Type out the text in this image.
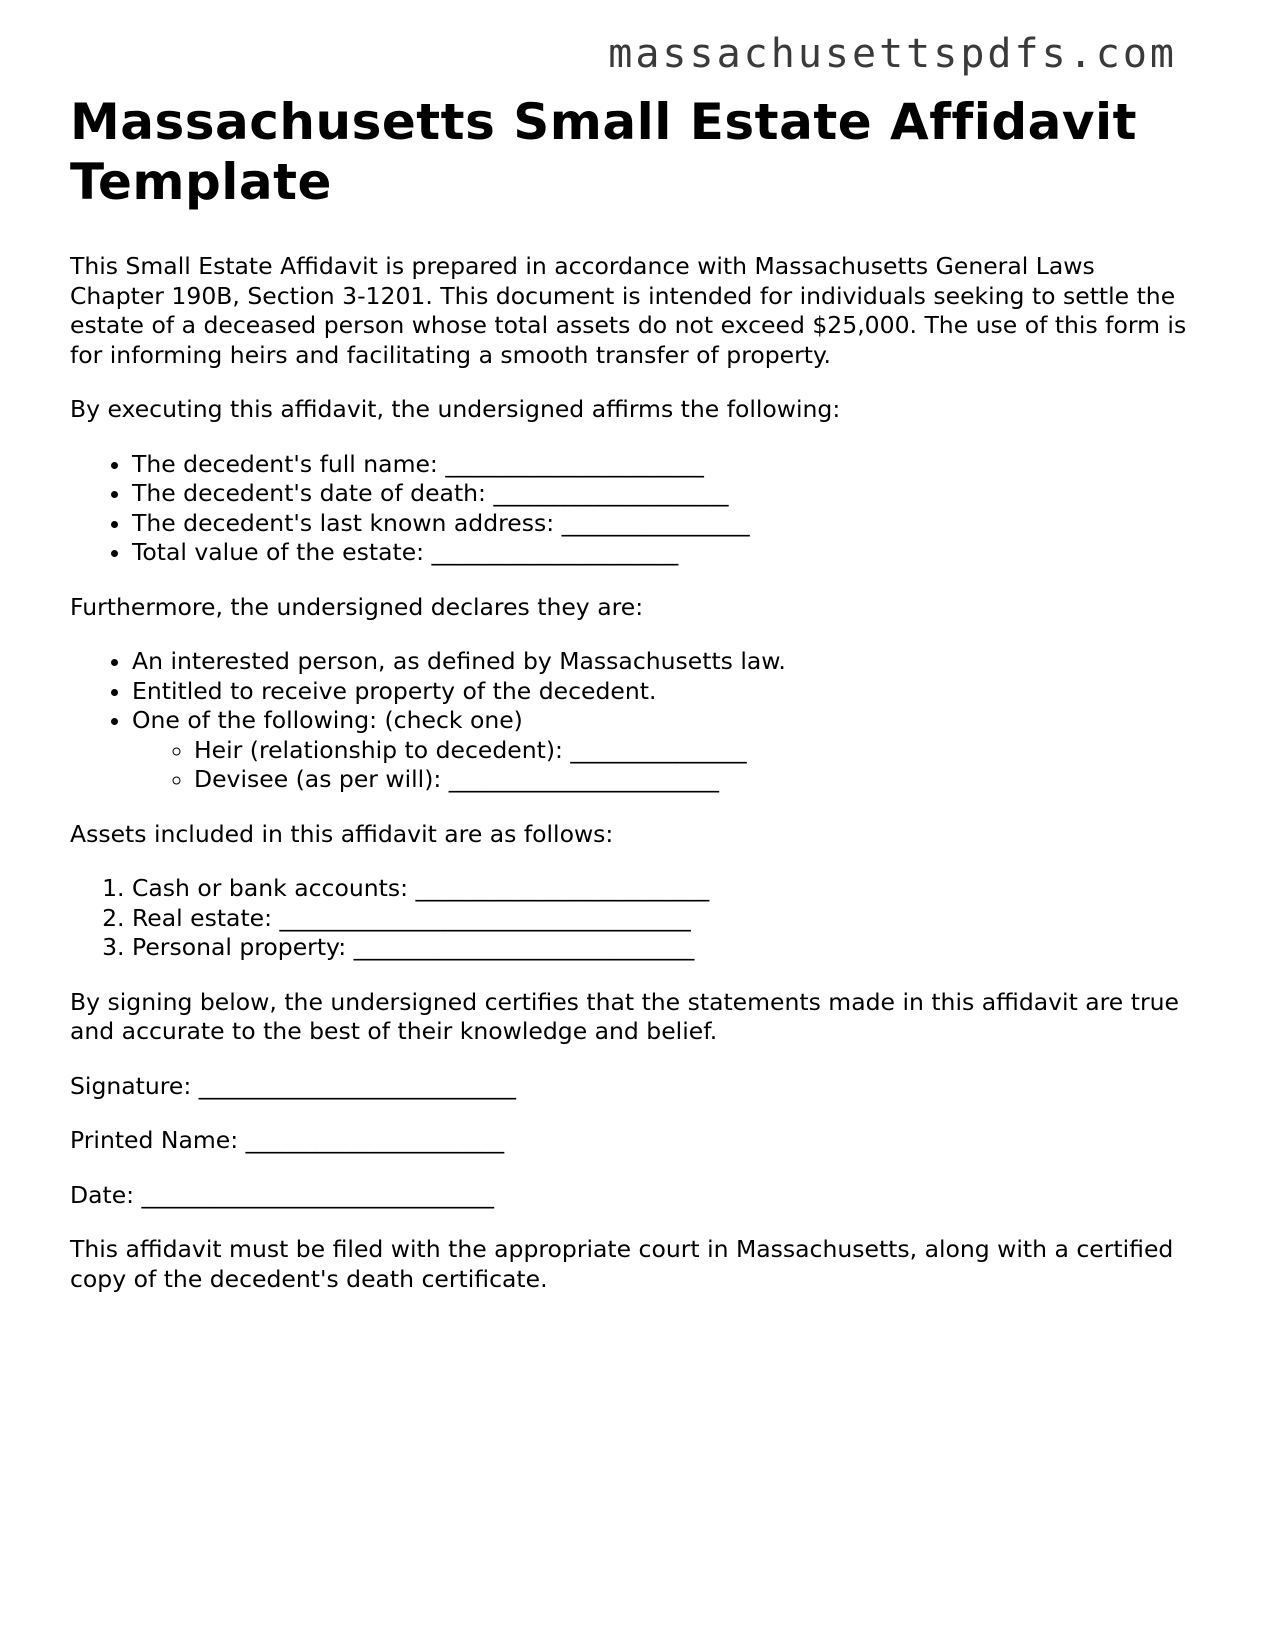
massachusettspdfs.com

Massachusetts Small Estate Affidavit Template

This Small Estate Affidavit is prepared in accordance with Massachusetts General Laws Chapter 190B, Section 3-1201. This document is intended for individuals seeking to settle the estate of a deceased person whose total assets do not exceed $25,000. The use of this form is for informing heirs and facilitating a smooth transfer of property.

By executing this affidavit, the undersigned affirms the following:

• The decedent's full name: ______________________
• The decedent's date of death: ____________________
• The decedent's last known address: ________________
• Total value of the estate: _____________________

Furthermore, the undersigned declares they are:

• An interested person, as defined by Massachusetts law.
• Entitled to receive property of the decedent.
• One of the following: (check one)
◦ Heir (relationship to decedent): _______________
◦ Devisee (as per will): _______________________

Assets included in this affidavit are as follows:

1. Cash or bank accounts: _________________________
2. Real estate: ___________________________________
3. Personal property: _____________________________

By signing below, the undersigned certifies that the statements made in this affidavit are true and accurate to the best of their knowledge and belief.

Signature: ___________________________

Printed Name: ______________________

Date: ______________________________

This affidavit must be filed with the appropriate court in Massachusetts, along with a certified copy of the decedent's death certificate.
